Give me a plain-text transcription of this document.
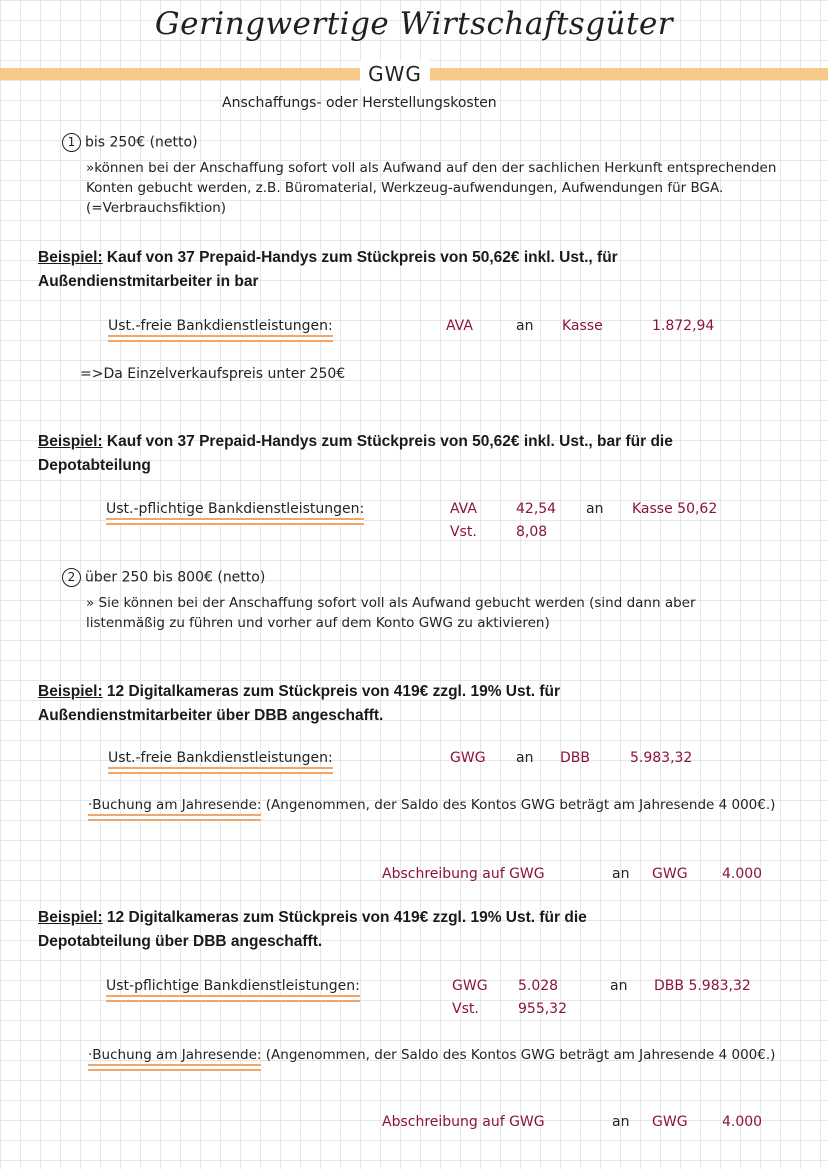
Geringwertige Wirtschaftsgüter
GWG
Anschaffungs- oder Herstellungskosten
1 bis 250€ (netto)
»können bei der Anschaffung sofort voll als Aufwand auf den der sachlichen Herkunft entsprechenden Konten gebucht werden, z.B. Büromaterial, Werkzeug-aufwendungen, Aufwendungen für BGA. (=Verbrauchsfiktion)
Beispiel: Kauf von 37 Prepaid-Handys zum Stückpreis von 50,62€ inkl. Ust., für Außendienstmitarbeiter in bar
Ust.-freie Bankdienstleistungen:	AVA	an Kasse	1.872,94
=>Da Einzelverkaufspreis unter 250€
Beispiel: Kauf von 37 Prepaid-Handys zum Stückpreis von 50,62€ inkl. Ust., bar für die Depotabteilung
Ust.-pflichtige Bankdienstleistungen:	AVA	42,54 an Kasse 50,62
Vst.	8,08
2 über 250 bis 800€ (netto)
» Sie können bei der Anschaffung sofort voll als Aufwand gebucht werden (sind dann aber listenmäßig zu führen und vorher auf dem Konto GWG zu aktivieren)
Beispiel: 12 Digitalkameras zum Stückpreis von 419€ zzgl. 19% Ust. für Außendienstmitarbeiter über DBB angeschafft.
Ust.-freie Bankdienstleistungen:	GWG an DBB	5.983,32
·Buchung am Jahresende: (Angenommen, der Saldo des Kontos GWG beträgt am Jahresende 4 000€.)
Abschreibung auf GWG	an GWG 4.000
Beispiel: 12 Digitalkameras zum Stückpreis von 419€ zzgl. 19% Ust. für die Depotabteilung über DBB angeschafft.
Ust-pflichtige Bankdienstleistungen:	GWG 5.028	an DBB 5.983,32
Vst.	955,32
·Buchung am Jahresende: (Angenommen, der Saldo des Kontos GWG beträgt am Jahresende 4 000€.)
Abschreibung auf GWG	an GWG 4.000
